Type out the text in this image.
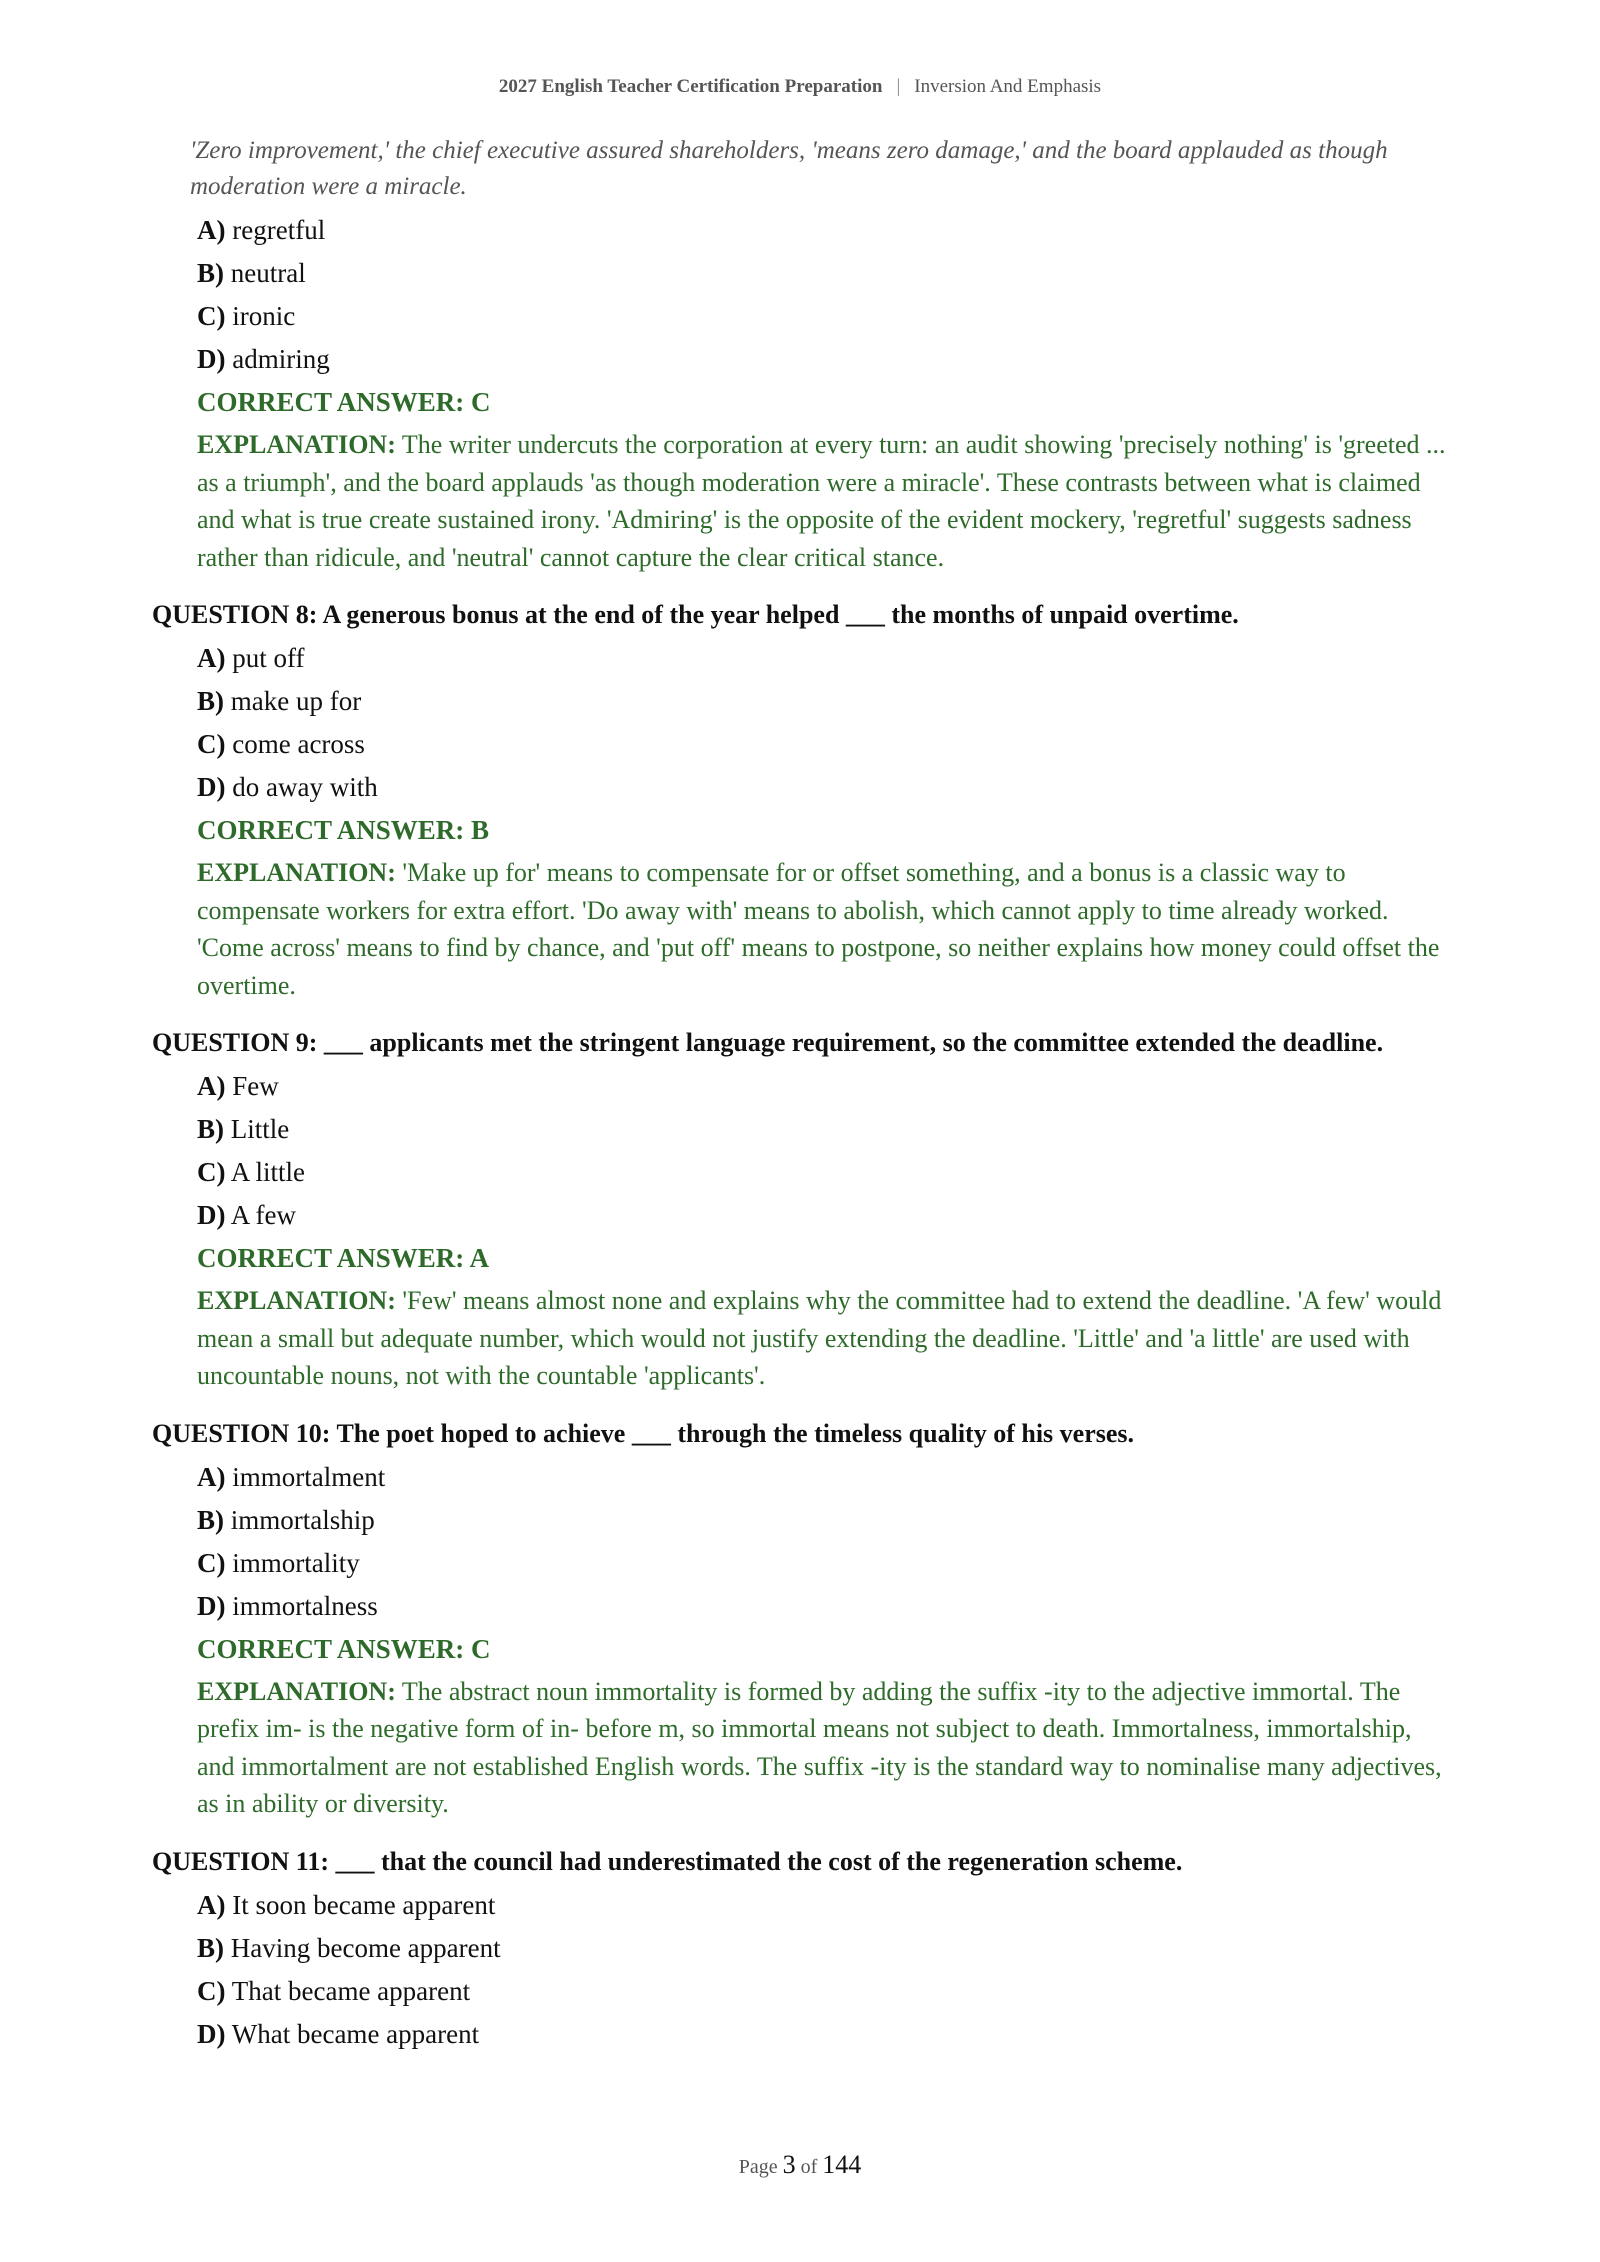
2027 English Teacher Certification Preparation | Inversion And Emphasis
'Zero improvement,' the chief executive assured shareholders, 'means zero damage,' and the board applauded as though moderation were a miracle.
A) regretful
B) neutral
C) ironic
D) admiring
CORRECT ANSWER: C
EXPLANATION: The writer undercuts the corporation at every turn: an audit showing 'precisely nothing' is 'greeted ... as a triumph', and the board applauds 'as though moderation were a miracle'. These contrasts between what is claimed and what is true create sustained irony. 'Admiring' is the opposite of the evident mockery, 'regretful' suggests sadness rather than ridicule, and 'neutral' cannot capture the clear critical stance.
QUESTION 8: A generous bonus at the end of the year helped ___ the months of unpaid overtime.
A) put off
B) make up for
C) come across
D) do away with
CORRECT ANSWER: B
EXPLANATION: 'Make up for' means to compensate for or offset something, and a bonus is a classic way to compensate workers for extra effort. 'Do away with' means to abolish, which cannot apply to time already worked. 'Come across' means to find by chance, and 'put off' means to postpone, so neither explains how money could offset the overtime.
QUESTION 9: ___ applicants met the stringent language requirement, so the committee extended the deadline.
A) Few
B) Little
C) A little
D) A few
CORRECT ANSWER: A
EXPLANATION: 'Few' means almost none and explains why the committee had to extend the deadline. 'A few' would mean a small but adequate number, which would not justify extending the deadline. 'Little' and 'a little' are used with uncountable nouns, not with the countable 'applicants'.
QUESTION 10: The poet hoped to achieve ___ through the timeless quality of his verses.
A) immortalment
B) immortalship
C) immortality
D) immortalness
CORRECT ANSWER: C
EXPLANATION: The abstract noun immortality is formed by adding the suffix -ity to the adjective immortal. The prefix im- is the negative form of in- before m, so immortal means not subject to death. Immortalness, immortalship, and immortalment are not established English words. The suffix -ity is the standard way to nominalise many adjectives, as in ability or diversity.
QUESTION 11: ___ that the council had underestimated the cost of the regeneration scheme.
A) It soon became apparent
B) Having become apparent
C) That became apparent
D) What became apparent
Page 3 of 144
